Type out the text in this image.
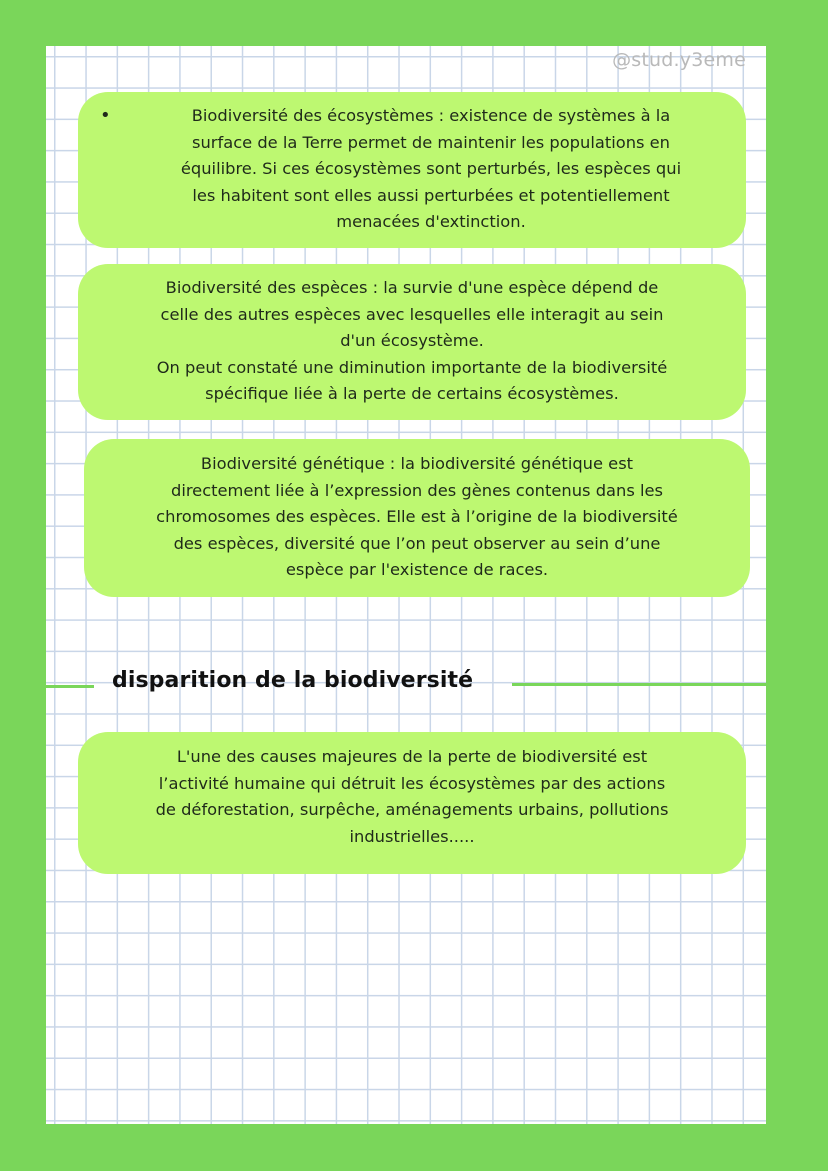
@stud.y3eme
•	Biodiversité des écosystèmes : existence de systèmes à la

surface de la Terre permet de maintenir les populations en

équilibre. Si ces écosystèmes sont perturbés, les espèces qui

les habitent sont elles aussi perturbées et potentiellement

menacées d'extinction.

Biodiversité des espèces : la survie d'une espèce dépend de

celle des autres espèces avec lesquelles elle interagit au sein

d'un écosystème.

On peut constaté une diminution importante de la biodiversité

spécifique liée à la perte de certains écosystèmes.

Biodiversité génétique : la biodiversité génétique est

directement liée à l’expression des gènes contenus dans les

chromosomes des espèces. Elle est à l’origine de la biodiversité

des espèces, diversité que l’on peut observer au sein d’une

espèce par l'existence de races.

disparition de la biodiversité

L'une des causes majeures de la perte de biodiversité est

l’activité humaine qui détruit les écosystèmes par des actions

de déforestation, surpêche, aménagements urbains, pollutions

industrielles.....
